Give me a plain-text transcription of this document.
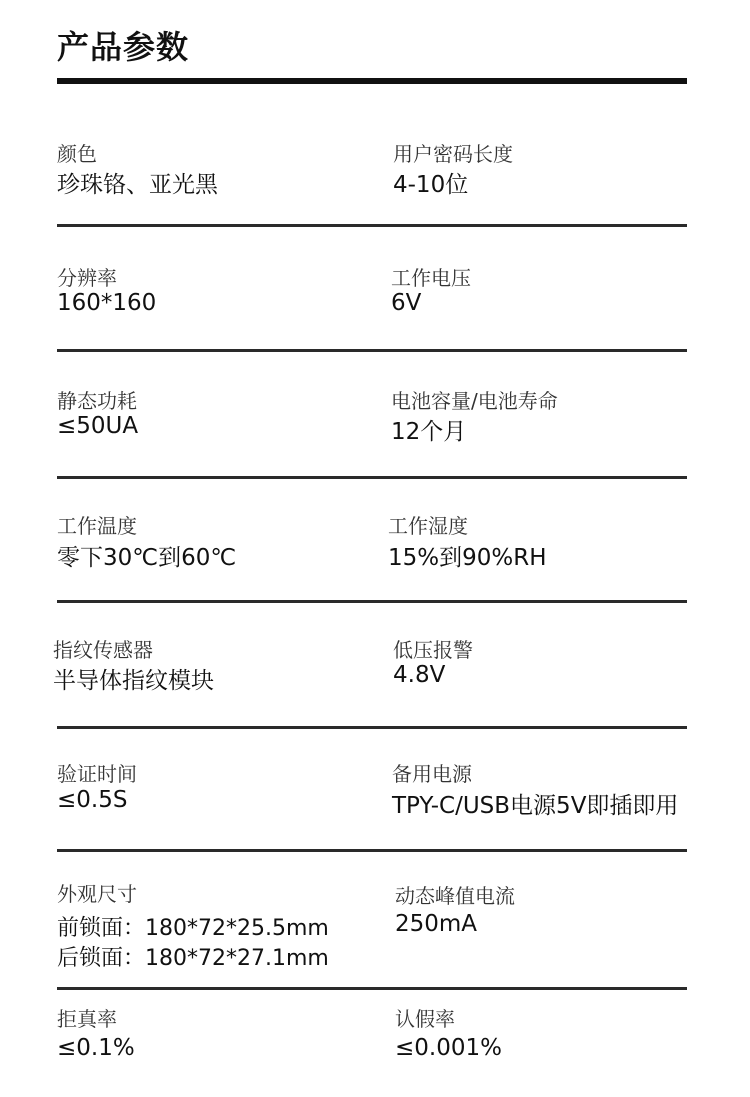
产品参数
颜色
珍珠铬、亚光黑
用户密码长度
4-10位
分辨率
160*160
工作电压
6V
静态功耗
≤50UA
电池容量/电池寿命
12个月
工作温度
零下30℃到60℃
工作湿度
15%到90%RH
指纹传感器
半导体指纹模块
低压报警
4.8V
验证时间
≤0.5S
备用电源
TPY-C/USB电源5V即插即用
外观尺寸
前锁面：180*72*25.5mm
后锁面：180*72*27.1mm
动态峰值电流
250mA
拒真率
≤0.1%
认假率
≤0.001%
